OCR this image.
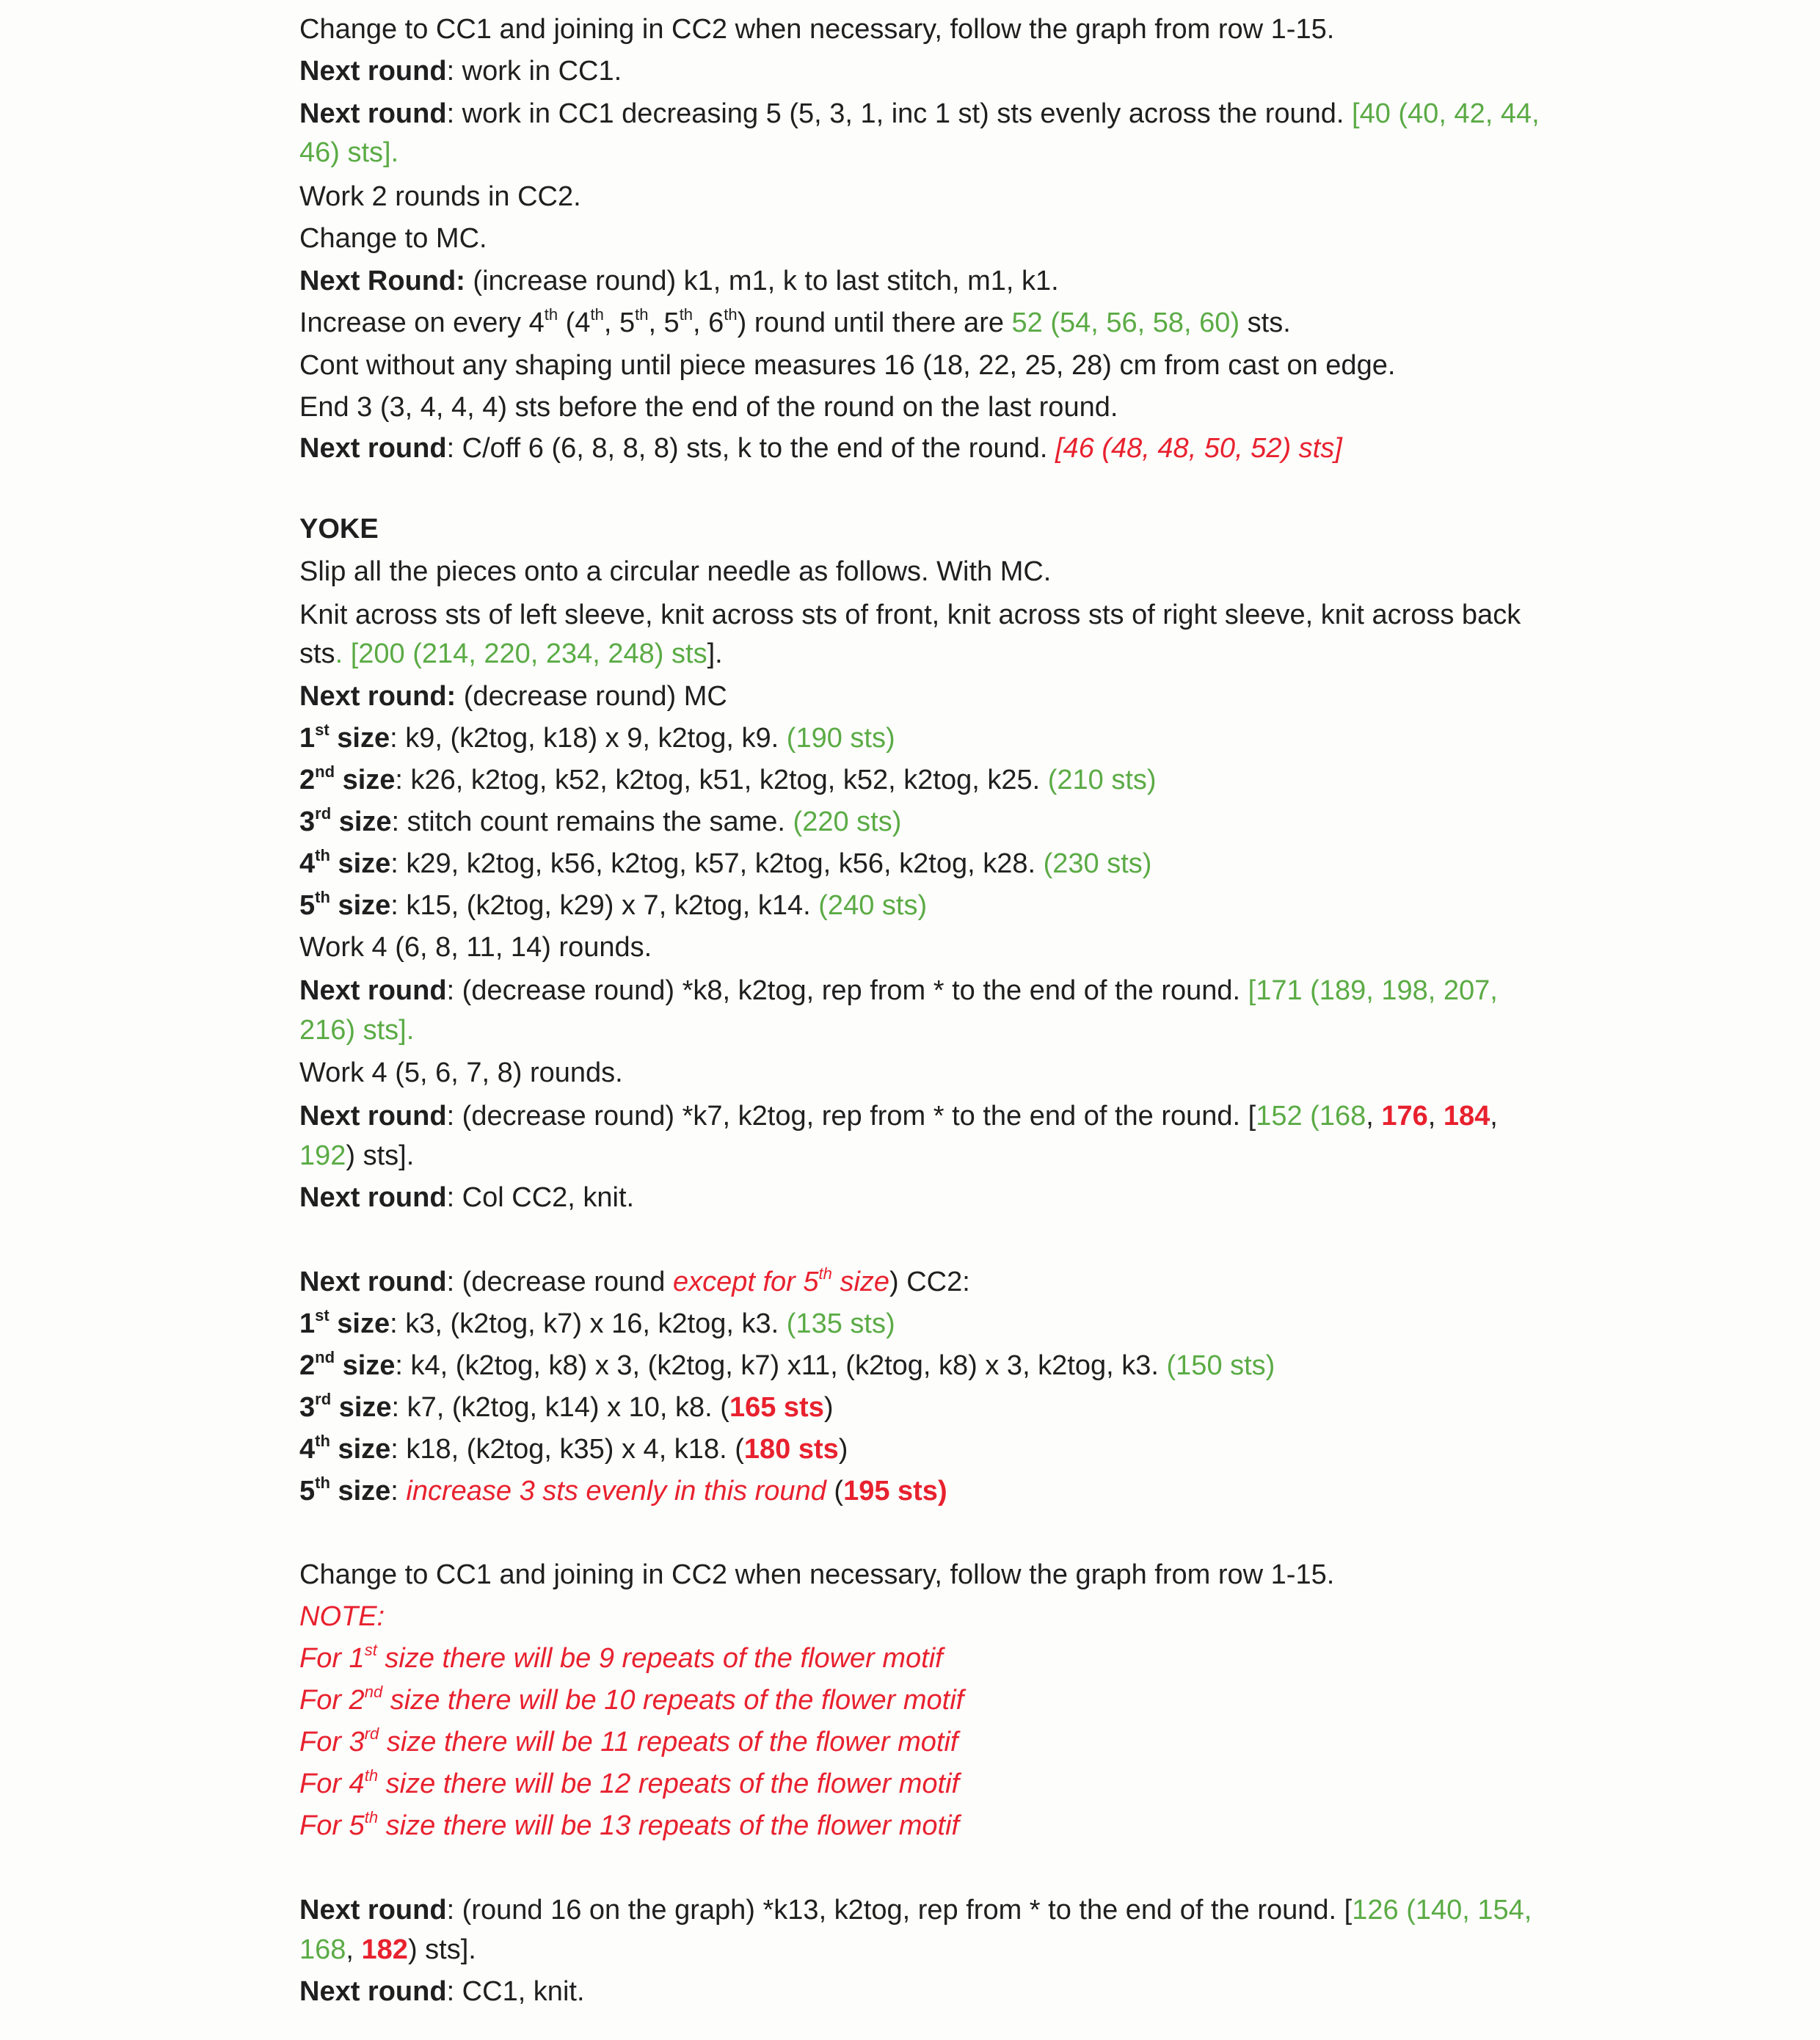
Change to CC1 and joining in CC2 when necessary, follow the graph from row 1-15.

Next round: work in CC1.

Next round: work in CC1 decreasing 5 (5, 3, 1, inc 1 st) sts evenly across the round. [40 (40, 42, 44,

46) sts].

Work 2 rounds in CC2.

Change to MC.

Next Round: (increase round) k1, m1, k to last stitch, m1, k1.

Increase on every 4th (4th, 5th, 5th, 6th) round until there are 52 (54, 56, 58, 60) sts.

Cont without any shaping until piece measures 16 (18, 22, 25, 28) cm from cast on edge.

End 3 (3, 4, 4, 4) sts before the end of the round on the last round.

Next round: C/off 6 (6, 8, 8, 8) sts, k to the end of the round. [46 (48, 48, 50, 52) sts]

YOKE

Slip all the pieces onto a circular needle as follows. With MC.

Knit across sts of left sleeve, knit across sts of front, knit across sts of right sleeve, knit across back

sts. [200 (214, 220, 234, 248) sts].

Next round: (decrease round) MC

1st size: k9, (k2tog, k18) x 9, k2tog, k9. (190 sts)

2nd size: k26, k2tog, k52, k2tog, k51, k2tog, k52, k2tog, k25. (210 sts)

3rd size: stitch count remains the same. (220 sts)

4th size: k29, k2tog, k56, k2tog, k57, k2tog, k56, k2tog, k28. (230 sts)

5th size: k15, (k2tog, k29) x 7, k2tog, k14. (240 sts)

Work 4 (6, 8, 11, 14) rounds.

Next round: (decrease round) *k8, k2tog, rep from * to the end of the round. [171 (189, 198, 207,

216) sts].

Work 4 (5, 6, 7, 8) rounds.

Next round: (decrease round) *k7, k2tog, rep from * to the end of the round. [152 (168, 176, 184,

192) sts].

Next round: Col CC2, knit.

Next round: (decrease round except for 5th size) CC2:

1st size: k3, (k2tog, k7) x 16, k2tog, k3. (135 sts)

2nd size: k4, (k2tog, k8) x 3, (k2tog, k7) x11, (k2tog, k8) x 3, k2tog, k3. (150 sts)

3rd size: k7, (k2tog, k14) x 10, k8. (165 sts)

4th size: k18, (k2tog, k35) x 4, k18. (180 sts)

5th size: increase 3 sts evenly in this round (195 sts)

Change to CC1 and joining in CC2 when necessary, follow the graph from row 1-15.

NOTE:

For 1st size there will be 9 repeats of the flower motif

For 2nd size there will be 10 repeats of the flower motif

For 3rd size there will be 11 repeats of the flower motif

For 4th size there will be 12 repeats of the flower motif

For 5th size there will be 13 repeats of the flower motif

Next round: (round 16 on the graph) *k13, k2tog, rep from * to the end of the round. [126 (140, 154,

168, 182) sts].

Next round: CC1, knit.
